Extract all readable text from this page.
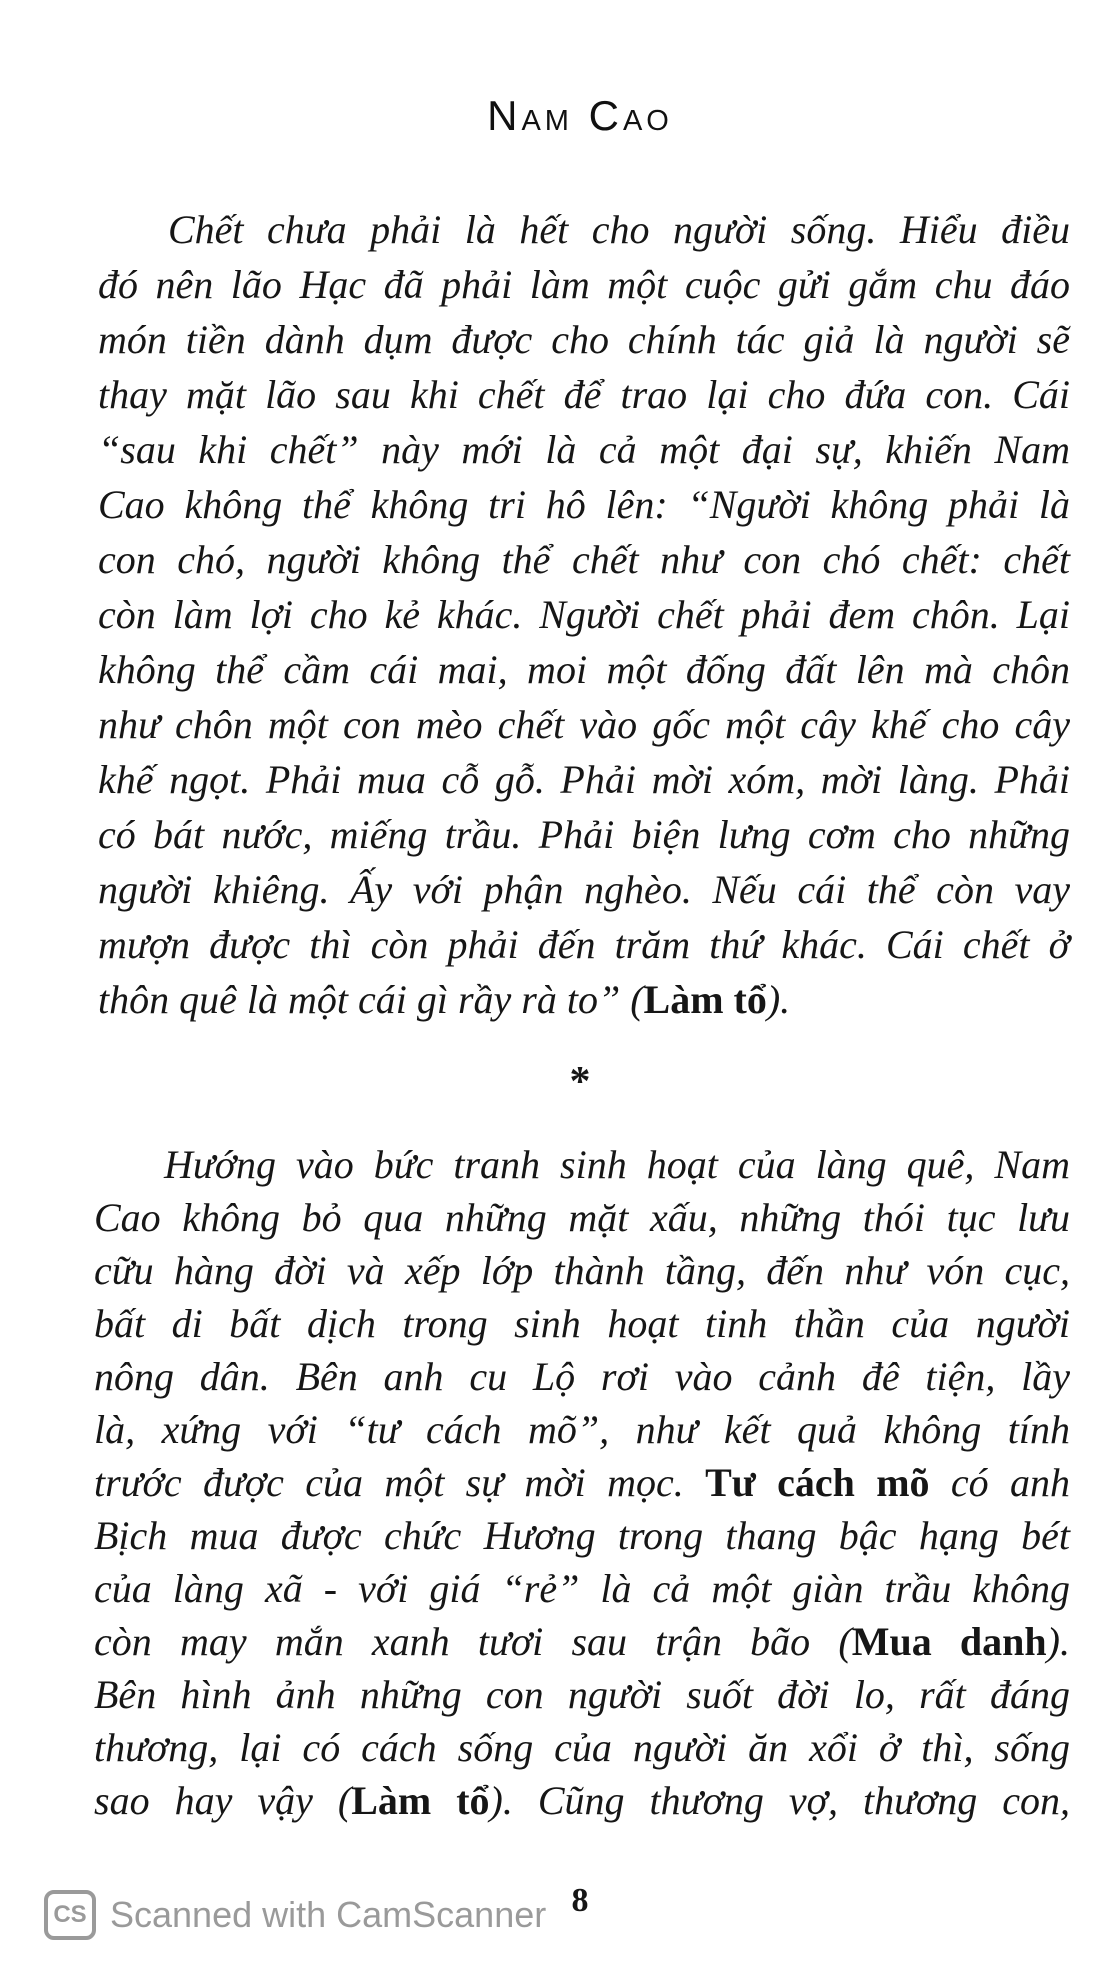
Nam Cao

Chết chưa phải là hết cho người sống. Hiểu điều
đó nên lão Hạc đã phải làm một cuộc gửi gắm chu đáo
món tiền dành dụm được cho chính tác giả là người sẽ
thay mặt lão sau khi chết để trao lại cho đứa con. Cái
“sau khi chết” này mới là cả một đại sự, khiến Nam
Cao không thể không tri hô lên: “Người không phải là
con chó, người không thể chết như con chó chết: chết
còn làm lợi cho kẻ khác. Người chết phải đem chôn. Lại
không thể cầm cái mai, moi một đống đất lên mà chôn
như chôn một con mèo chết vào gốc một cây khế cho cây
khế ngọt. Phải mua cỗ gỗ. Phải mời xóm, mời làng. Phải
có bát nước, miếng trầu. Phải biện lưng cơm cho những
người khiêng. Ấy với phận nghèo. Nếu cái thể còn vay
mượn được thì còn phải đến trăm thứ khác. Cái chết ở
thôn quê là một cái gì rầy rà to” (Làm tổ).

*

Hướng vào bức tranh sinh hoạt của làng quê, Nam
Cao không bỏ qua những mặt xấu, những thói tục lưu
cữu hàng đời và xếp lớp thành tầng, đến như vón cục,
bất di bất dịch trong sinh hoạt tinh thần của người
nông dân. Bên anh cu Lộ rơi vào cảnh đê tiện, lầy
là, xứng với “tư cách mõ”, như kết quả không tính
trước được của một sự mời mọc. Tư cách mõ có anh
Bịch mua được chức Hương trong thang bậc hạng bét
của làng xã - với giá “rẻ” là cả một giàn trầu không
còn may mắn xanh tươi sau trận bão (Mua danh).
Bên hình ảnh những con người suốt đời lo, rất đáng
thương, lại có cách sống của người ăn xổi ở thì, sống
sao hay vậy (Làm tổ). Cũng thương vợ, thương con,

8
CS Scanned with CamScanner
